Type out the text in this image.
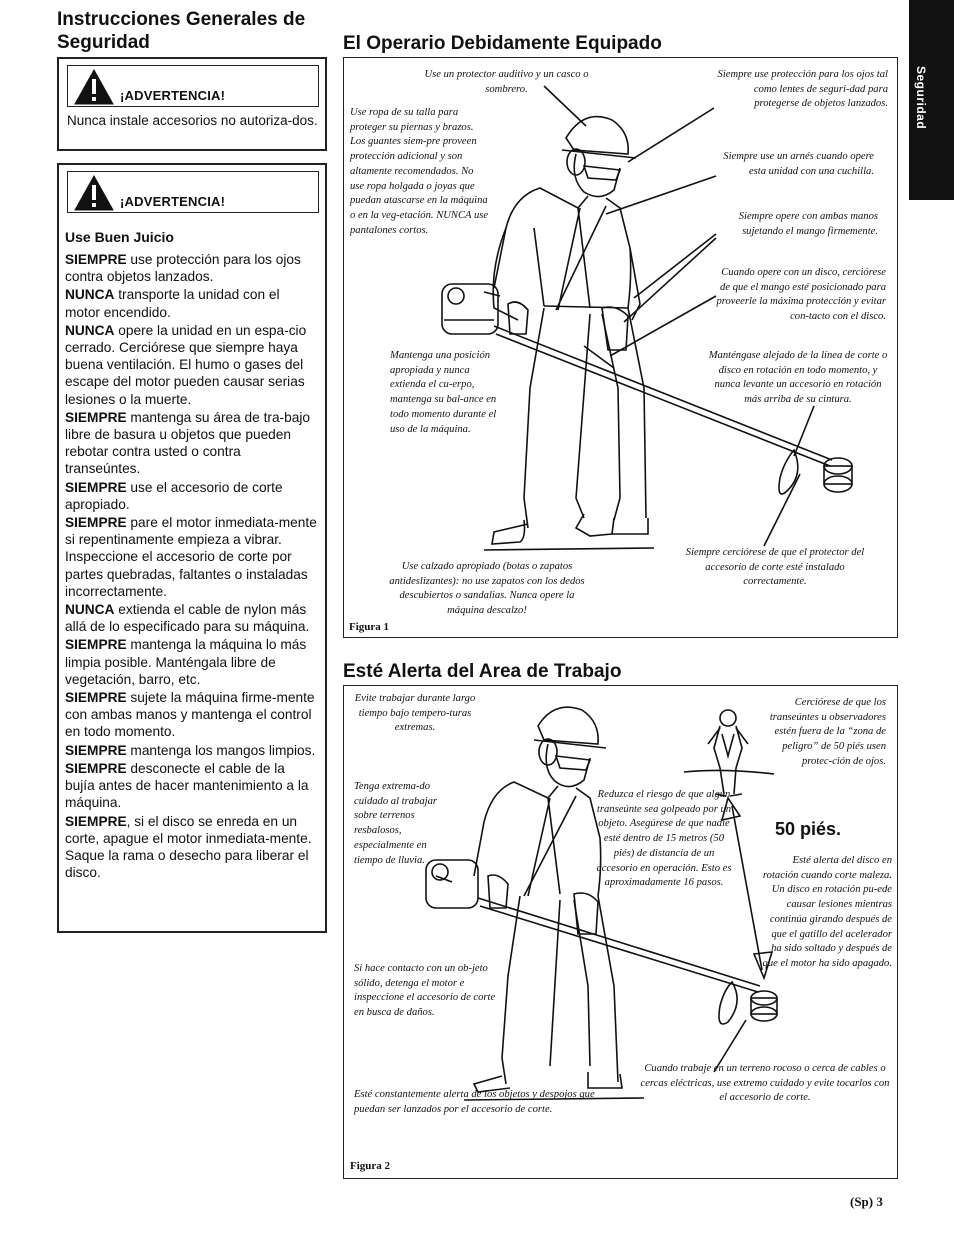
Instrucciones Generales de Seguridad
¡ADVERTENCIA!
Nunca instale accesorios no autoriza-dos.
¡ADVERTENCIA!
Use Buen Juicio

SIEMPRE use protección para los ojos contra objetos lanzados.

NUNCA transporte la unidad con el motor encendido.

NUNCA opere la unidad en un espa-cio cerrado. Cerciórese que siempre haya buena ventilación. El humo o gases del escape del motor pueden causar serias lesiones o la muerte.

SIEMPRE mantenga su área de tra-bajo libre de basura u objetos que pueden rebotar contra usted o contra transeúntes.

SIEMPRE use el accesorio de corte apropiado.

SIEMPRE pare el motor inmediata-mente si repentinamente empieza a vibrar. Inspeccione el accesorio de corte por partes quebradas, faltantes o instaladas incorrectamente.

NUNCA extienda el cable de nylon más allá de lo especificado para su máquina.

SIEMPRE mantenga la máquina lo más limpia posible. Manténgala libre de vegetación, barro, etc.

SIEMPRE sujete la máquina firme-mente con ambas manos y mantenga el control en todo momento.

SIEMPRE mantenga los mangos limpios.

SIEMPRE desconecte el cable de la bujía antes de hacer mantenimiento a la máquina.

SIEMPRE, si el disco se enreda en un corte, apague el motor inmediata-mente. Saque la rama o desecho para liberar el disco.

El Operario Debidamente Equipado
Use un protector auditivo y un casco o sombrero.
Siempre use protección para los ojos tal como lentes de seguri-dad para protegerse de objetos lanzados.
Use ropa de su talla para proteger su piernas y brazos. Los guantes siem-pre proveen protección adicional y son altamente recomendados. No use ropa holgada o joyas que puedan atascarse en la máquina o en la veg-etación. NUNCA use pantalones cortos.
Siempre use un arnés cuando opere esta unidad con una cuchilla.
Siempre opere con ambas manos sujetando el mango firmemente.
Cuando opere con un disco, cerciórese de que el mango esté posicionado para proveerle la máxima protección y evitar con-tacto con el disco.
Mantenga una posición apropiada y nunca extienda el cu-erpo, mantenga su bal-ance en todo momento durante el uso de la máquina.
Manténgase alejado de la línea de corte o disco en rotación en todo momento, y nunca levante un accesorio en rotación más arriba de su cintura.
Use calzado apropiado (botas o zapatos antideslizantes): no use zapatos con los dedos descubiertos o sandalias. Nunca opere la máquina descalzo!
Siempre cerciórese de que el protector del accesorio de corte esté instalado correctamente.
Figura 1
Esté Alerta del Area de Trabajo
Evite trabajar durante largo tiempo bajo tempero-turas extremas.
Cerciórese de que los transeúntes u observadores estén fuera de la “zona de peligro” de 50 piés usen protec-ción de ojos.
50 piés.
Tenga extrema-do cuidado al trabajar sobre terrenos resbalosos, especialmente en tiempo de lluvia.
Reduzca el riesgo de que algún transeúnte sea golpeado por un objeto. Asegúrese de que nadie esté dentro de 15 metros (50 piés) de distancia de un accesorio en operación. Esto es aproximadamente 16 pasos.
Esté alerta del disco en rotación cuando corte maleza. Un disco en rotación pu-ede causar lesiones mientras continúa girando después de que el gatillo del acelerador ha sido soltado y después de que el motor ha sido apagado.
Si hace contacto con un ob-jeto sólido, detenga el motor e inspeccione el accesorio de corte en busca de daños.
Cuando trabaje en un terreno rocoso o cerca de cables o cercas eléctricas, use extremo cuidado y evite tocarlos con el accesorio de corte.
Esté constantemente alerta de los objetos y despojos que puedan ser lanzados por el accesorio de corte.
Figura 2
Seguridad
(Sp) 3
